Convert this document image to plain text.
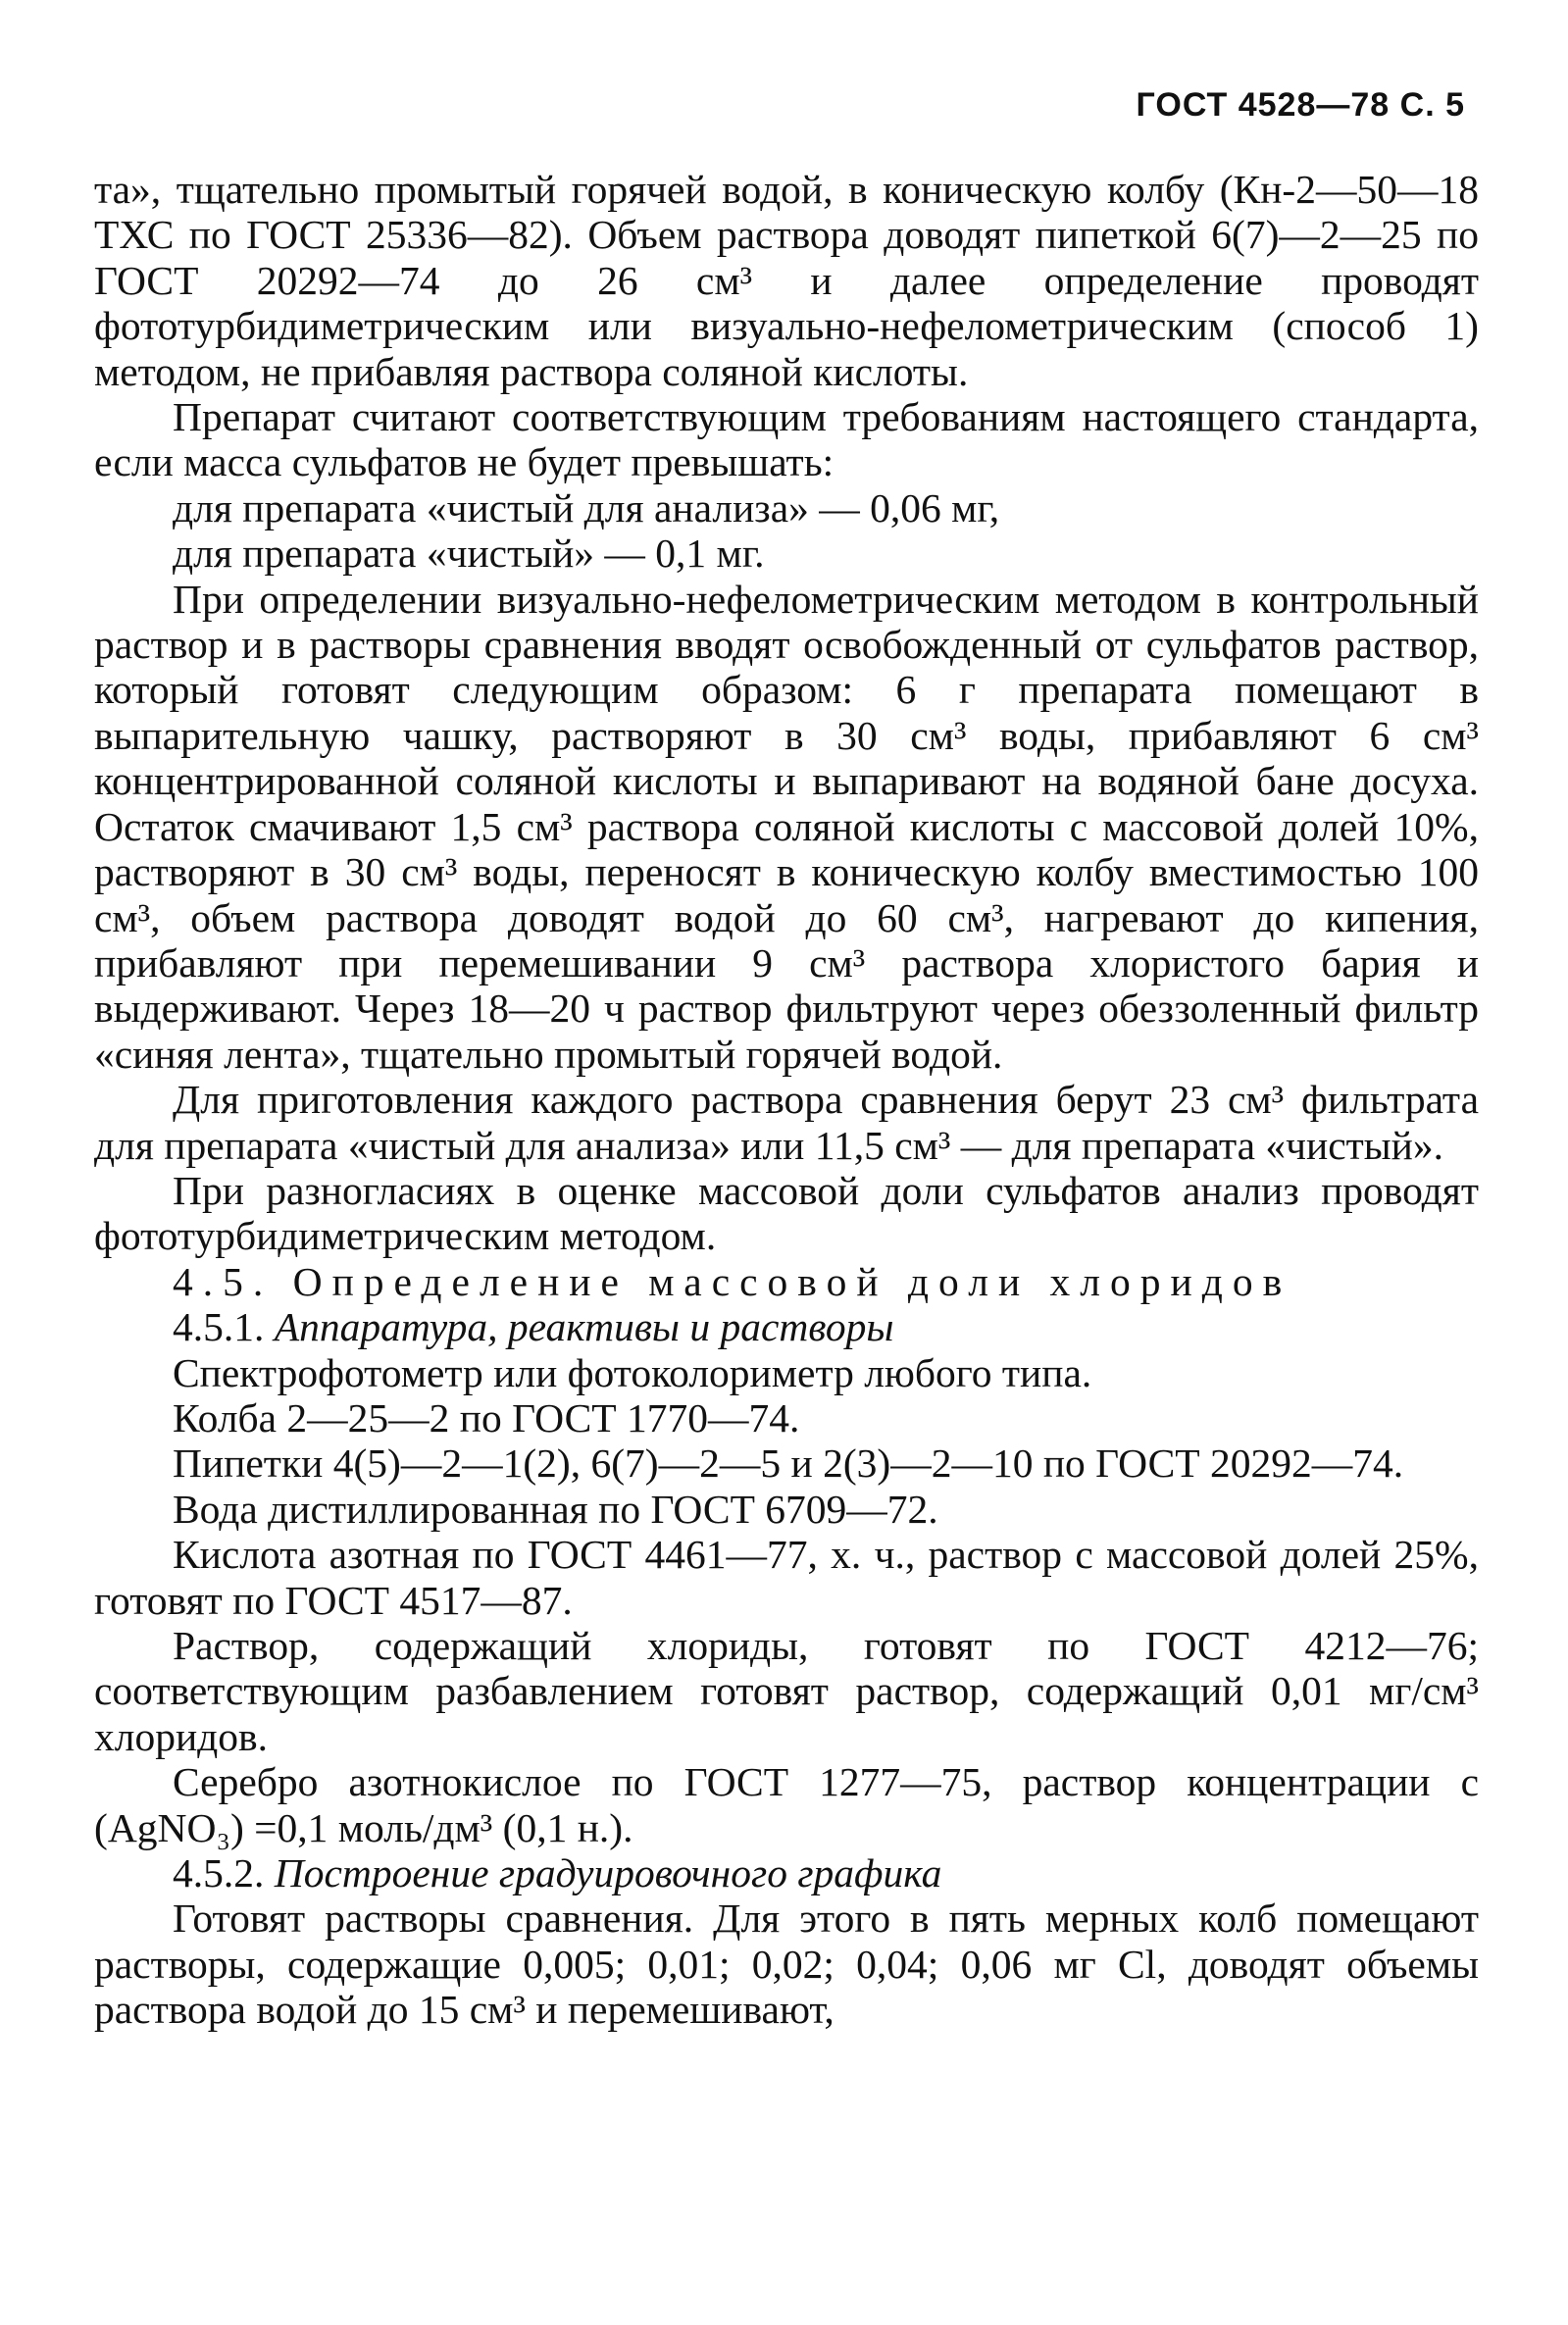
ГОСТ 4528—78 С. 5

та», тщательно промытый горячей водой, в коническую колбу (Кн-2—50—18 ТХС по ГОСТ 25336—82). Объем раствора доводят пипеткой 6(7)—2—25 по ГОСТ 20292—74 до 26 см³ и далее определение проводят фототурбидиметрическим или визуально-нефелометрическим (способ 1) методом, не прибавляя раствора соляной кислоты.

Препарат считают соответствующим требованиям настоящего стандарта, если масса сульфатов не будет превышать:

для препарата «чистый для анализа» — 0,06 мг,

для препарата «чистый» — 0,1 мг.

При определении визуально-нефелометрическим методом в контрольный раствор и в растворы сравнения вводят освобожденный от сульфатов раствор, который готовят следующим образом: 6 г препарата помещают в выпарительную чашку, растворяют в 30 см³ воды, прибавляют 6 см³ концентрированной соляной кислоты и выпаривают на водяной бане досуха. Остаток смачивают 1,5 см³ раствора соляной кислоты с массовой долей 10%, растворяют в 30 см³ воды, переносят в коническую колбу вместимостью 100 см³, объем раствора доводят водой до 60 см³, нагревают до кипения, прибавляют при перемешивании 9 см³ раствора хлористого бария и выдерживают. Через 18—20 ч раствор фильтруют через обеззоленный фильтр «синяя лента», тщательно промытый горячей водой.

Для приготовления каждого раствора сравнения берут 23 см³ фильтрата для препарата «чистый для анализа» или 11,5 см³ — для препарата «чистый».

При разногласиях в оценке массовой доли сульфатов анализ проводят фототурбидиметрическим методом.

4.5. Определение массовой доли хлоридов

4.5.1. Аппаратура, реактивы и растворы

Спектрофотометр или фотоколориметр любого типа.

Колба 2—25—2 по ГОСТ 1770—74.

Пипетки 4(5)—2—1(2), 6(7)—2—5 и 2(3)—2—10 по ГОСТ 20292—74.

Вода дистиллированная по ГОСТ 6709—72.

Кислота азотная по ГОСТ 4461—77, х. ч., раствор с массовой долей 25%, готовят по ГОСТ 4517—87.

Раствор, содержащий хлориды, готовят по ГОСТ 4212—76; соответствующим разбавлением готовят раствор, содержащий 0,01 мг/см³ хлоридов.

Серебро азотнокислое по ГОСТ 1277—75, раствор концентрации с (AgNO₃) =0,1 моль/дм³ (0,1 н.).

4.5.2. Построение градуировочного графика

Готовят растворы сравнения. Для этого в пять мерных колб помещают растворы, содержащие 0,005; 0,01; 0,02; 0,04; 0,06 мг Cl, доводят объемы раствора водой до 15 см³ и перемешивают,
